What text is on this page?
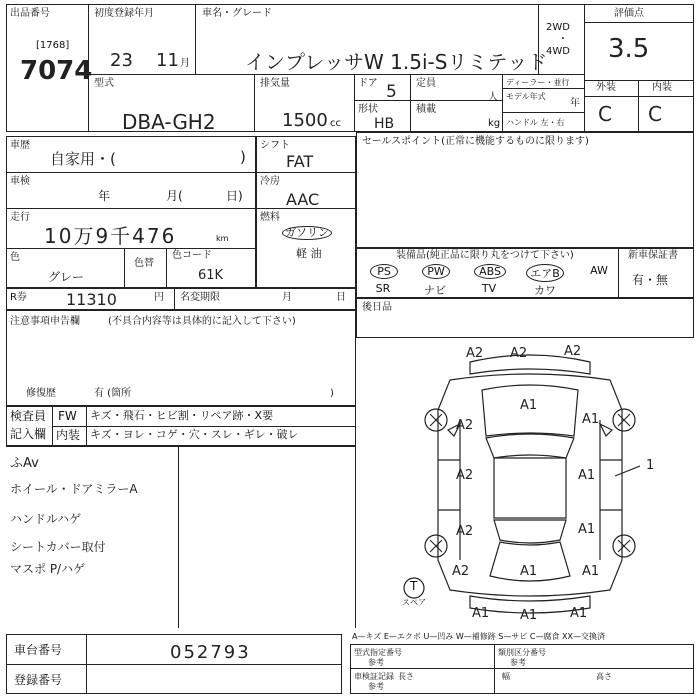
出品番号
[1768]
7074
初度登録年月
23 11 月
車名・グレード
インプレッサW 1.5i-Sリミテッド
2WD
・
4WD
評価点
3.5
型式
DBA-GH2
排気量
1500 cc
ドア 5
形状
HB
定員
人
積載
kg
ディーラー・並行
モデル年式
年
ハンドル 左・右
外装	内装
C C
車歴
自家用・(	)
車検
年	月(	日)
走行
10万9千476	km
色
グレー
色替
色コード
61K
R券 11310	円 名変期限	月	日
注意事項申告欄	(不具合内容等は具体的に記入して下さい)
修復歴	有 (箇所	)
シフト
FAT
冷房
AAC
燃料
ガソリン
軽 油
セールスポイント(正常に機能するものに限ります)
装備品(純正品に限り丸をつけて下さい)	新車保証書
有・無
PS	PW	ABS	エアB	AW
SR	ナビ	TV	カワ
後日品
検査員
記入欄
FW キズ・飛石・ヒビ割・リペア跡・X要
内装 キズ・ヨレ・コゲ・穴・スレ・ギレ・破レ
ふAv
ホイール・ドアミラーA
ハンドルハゲ
シートカバー取付
マスポ P/ハゲ
A2 A2	A2
A1
A2	A1
A2	A1
1
A2	A1
A1
A2	A1
A1 A1	A1
T
スペア
A—キズ E—エクボ U—凹み W—補修跡 S—サビ C—腐食 XX—交換済
車台番号	052793
登録番号
型式指定番号
参考
類別区分番号
参考
車検証記録
参考
長さ	幅	高さ
